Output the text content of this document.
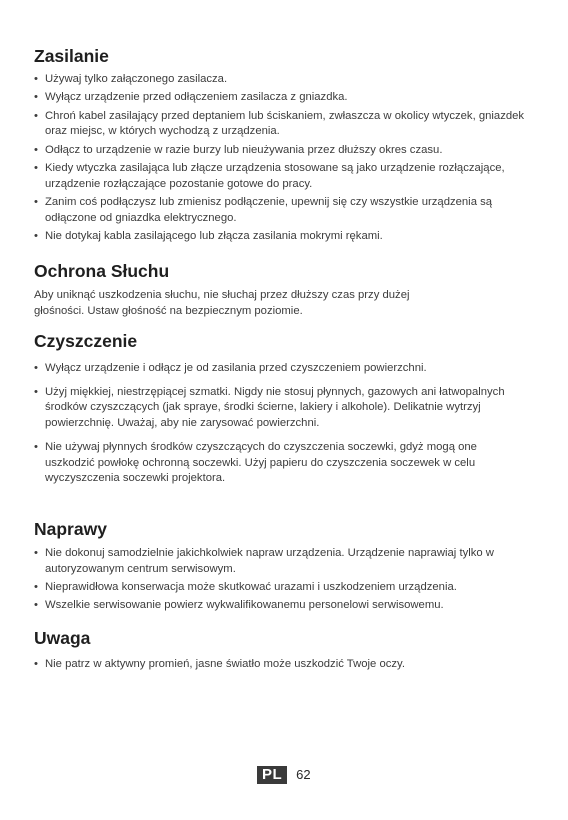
Zasilanie
• Używaj tylko załączonego zasilacza.
• Wyłącz urządzenie przed odłączeniem zasilacza z gniazdka.
• Chroń kabel zasilający przed deptaniem lub ściskaniem, zwłaszcza w okolicy wtyczek, gniazdek oraz miejsc, w których wychodzą z urządzenia.
• Odłącz to urządzenie w razie burzy lub nieużywania przez dłuższy okres czasu.
• Kiedy wtyczka zasilająca lub złącze urządzenia stosowane są jako urządzenie rozłączające, urządzenie rozłączające pozostanie gotowe do pracy.
• Zanim coś podłączysz lub zmienisz podłączenie, upewnij się czy wszystkie urządzenia są odłączone od gniazdka elektrycznego.
• Nie dotykaj kabla zasilającego lub złącza zasilania mokrymi rękami.
Ochrona Słuchu

Aby uniknąć uszkodzenia słuchu, nie słuchaj przez dłuższy czas przy dużej głośności. Ustaw głośność na bezpiecznym poziomie.

Czyszczenie
• Wyłącz urządzenie i odłącz je od zasilania przed czyszczeniem powierzchni.
• Użyj miękkiej, niestrzępiącej szmatki. Nigdy nie stosuj płynnych, gazowych ani łatwopalnych środków czyszczących (jak spraye, środki ścierne, lakiery i alkohole). Delikatnie wytrzyj powierzchnię. Uważaj, aby nie zarysować powierzchni.
• Nie używaj płynnych środków czyszczących do czyszczenia soczewki, gdyż mogą one uszkodzić powłokę ochronną soczewki. Użyj papieru do czyszczenia soczewek w celu wyczyszczenia soczewki projektora.
Naprawy
• Nie dokonuj samodzielnie jakichkolwiek napraw urządzenia. Urządzenie naprawiaj tylko w autoryzowanym centrum serwisowym.
• Nieprawidłowa konserwacja może skutkować urazami i uszkodzeniem urządzenia.
• Wszelkie serwisowanie powierz wykwalifikowanemu personelowi serwisowemu.
Uwaga
• Nie patrz w aktywny promień, jasne światło może uszkodzić Twoje oczy.
PL	62
